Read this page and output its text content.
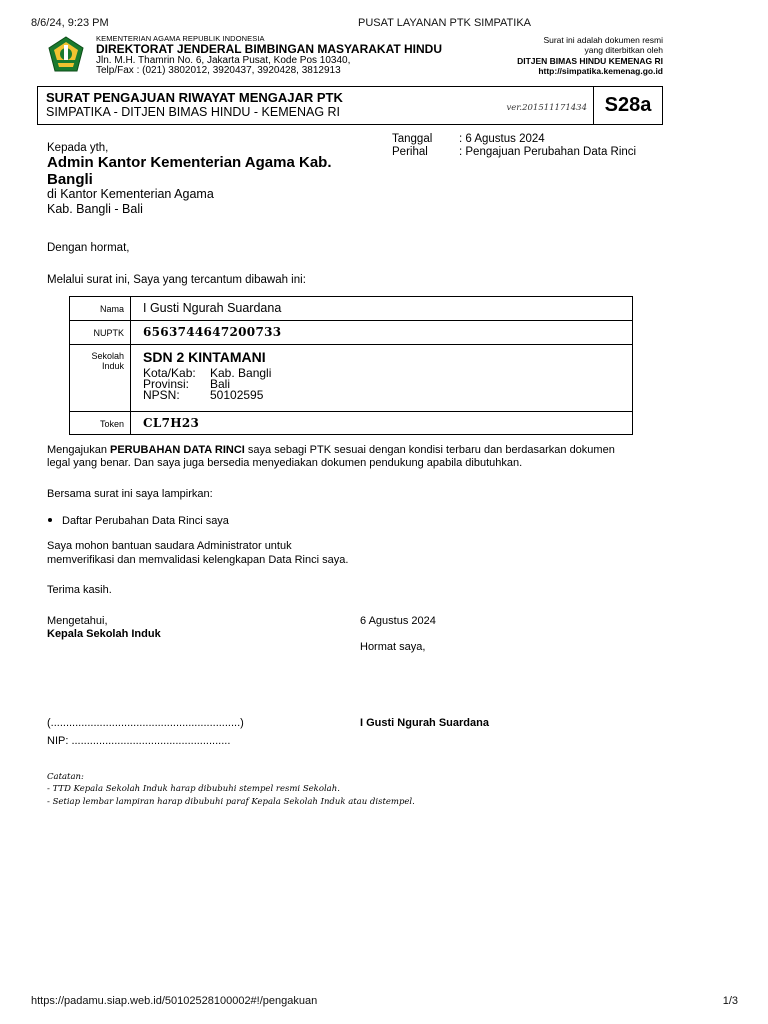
8/6/24, 9:23 PM	PUSAT LAYANAN PTK SIMPATIKA
KEMENTERIAN AGAMA REPUBLIK INDONESIA
DIREKTORAT JENDERAL BIMBINGAN MASYARAKAT HINDU
Jln. M.H. Thamrin No. 6, Jakarta Pusat, Kode Pos 10340,
Telp/Fax : (021) 3802012, 3920437, 3920428, 3812913
Surat ini adalah dokumen resmi
yang diterbitkan oleh
DITJEN BIMAS HINDU KEMENAG RI
http://simpatika.kemenag.go.id
SURAT PENGAJUAN RIWAYAT MENGAJAR PTK
SIMPATIKA - DITJEN BIMAS HINDU - KEMENAG RI	ver.201511171434 S28a
Tanggal : 6 Agustus 2024
Perihal	: Pengajuan Perubahan Data Rinci
Kepada yth,
Admin Kantor Kementerian Agama Kab.
Bangli
di Kantor Kementerian Agama
Kab. Bangli - Bali
Dengan hormat,
Melalui surat ini, Saya yang tercantum dibawah ini:
Nama	I Gusti Ngurah Suardana
NUPTK	6563744647200733
Sekolah
Induk
SDN 2 KINTAMANI
Kota/Kab: Kab. Bangli
Provinsi: Bali
NPSN:	50102595
Token	CL7H23
Mengajukan PERUBAHAN DATA RINCI saya sebagi PTK sesuai dengan kondisi terbaru dan berdasarkan dokumen
legal yang benar. Dan saya juga bersedia menyediakan dokumen pendukung apabila dibutuhkan.
Bersama surat ini saya lampirkan:
Daftar Perubahan Data Rinci saya
Saya mohon bantuan saudara Administrator untuk
memverifikasi dan memvalidasi kelengkapan Data Rinci saya.
Terima kasih.
Mengetahui,
Kepala Sekolah Induk
6 Agustus 2024
Hormat saya,
(..............................................................)
NIP: ....................................................
I Gusti Ngurah Suardana
Catatan:
- TTD Kepala Sekolah Induk harap dibubuhi stempel resmi Sekolah.
- Setiap lembar lampiran harap dibubuhi paraf Kepala Sekolah Induk atau distempel.
https://padamu.siap.web.id/50102528100002#!/pengakuan	1/3
